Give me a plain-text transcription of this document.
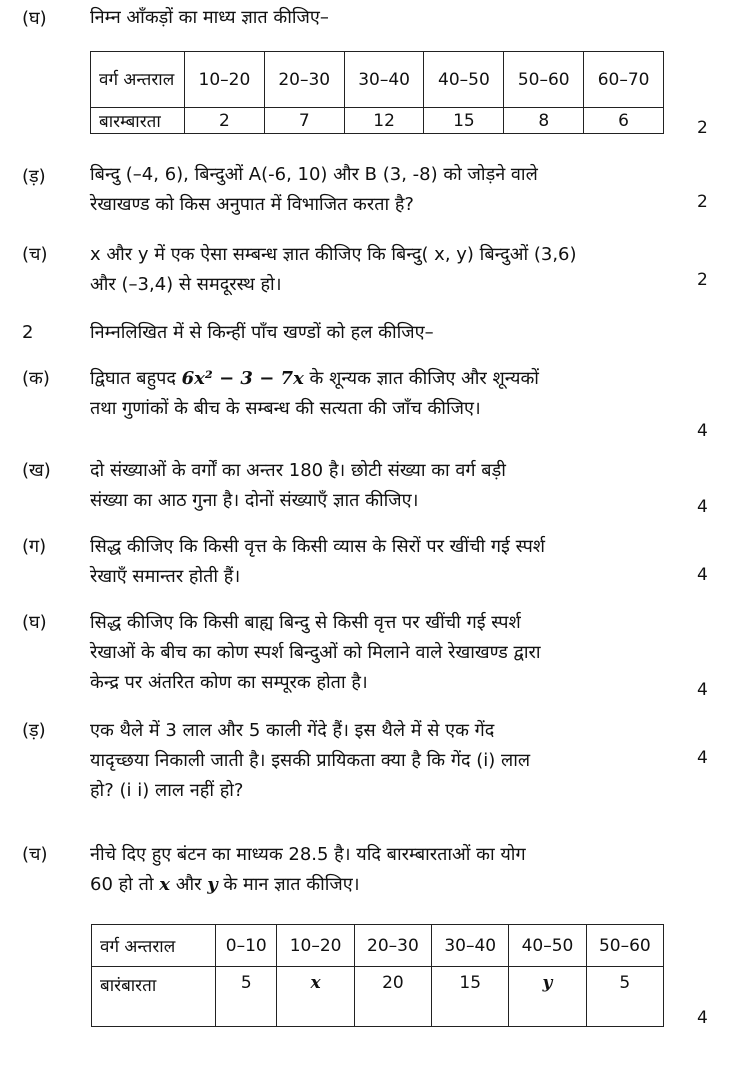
(घ) निम्न आँकड़ों का माध्य ज्ञात कीजिए–
वर्ग अन्तराल	10–20	20–30	30–40	40–50	50–60	60–70
बारम्बारता	2	7	12	15	8	6	2
(ड़) बिन्दु (–4, 6), बिन्दुओं A(-6, 10) और B (3, -8) को जोड़ने वाले
रेखाखण्ड को किस अनुपात में विभाजित करता है?	2
(च) x और y में एक ऐसा सम्बन्ध ज्ञात कीजिए कि बिन्दु( x, y) बिन्दुओं (3,6)
और (–3,4) से समदूरस्थ हो।	2
2	निम्नलिखित में से किन्हीं पाँच खण्डों को हल कीजिए–
(क) द्विघात बहुपद 6x² − 3 − 7x के शून्यक ज्ञात कीजिए और शून्यकों
तथा गुणांकों के बीच के सम्बन्ध की सत्यता की जाँच कीजिए।
4
(ख) दो संख्याओं के वर्गों का अन्तर 180 है। छोटी संख्या का वर्ग बड़ी
संख्या का आठ गुना है। दोनों संख्याएँ ज्ञात कीजिए।	4
(ग) सिद्ध कीजिए कि किसी वृत्त के किसी व्यास के सिरों पर खींची गई स्पर्श
रेखाएँ समान्तर होती हैं।	4
(घ) सिद्ध कीजिए कि किसी बाह्य बिन्दु से किसी वृत्त पर खींची गई स्पर्श
रेखाओं के बीच का कोण स्पर्श बिन्दुओं को मिलाने वाले रेखाखण्ड द्वारा
केन्द्र पर अंतरित कोण का सम्पूरक होता है।	4
(ड़) एक थैले में 3 लाल और 5 काली गेंदे हैं। इस थैले में से एक गेंद
यादृच्छया निकाली जाती है। इसकी प्रायिकता क्या है कि गेंद (i) लाल
हो? (i i) लाल नहीं हो?
4
(च) नीचे दिए हुए बंटन का माध्यक 28.5 है। यदि बारम्बारताओं का योग
60 हो तो x और y के मान ज्ञात कीजिए।
वर्ग अन्तराल	0–10	10–20	20–30	30–40	40–50	50–60
बारंबारता	5	x	20	15	y	5
4
